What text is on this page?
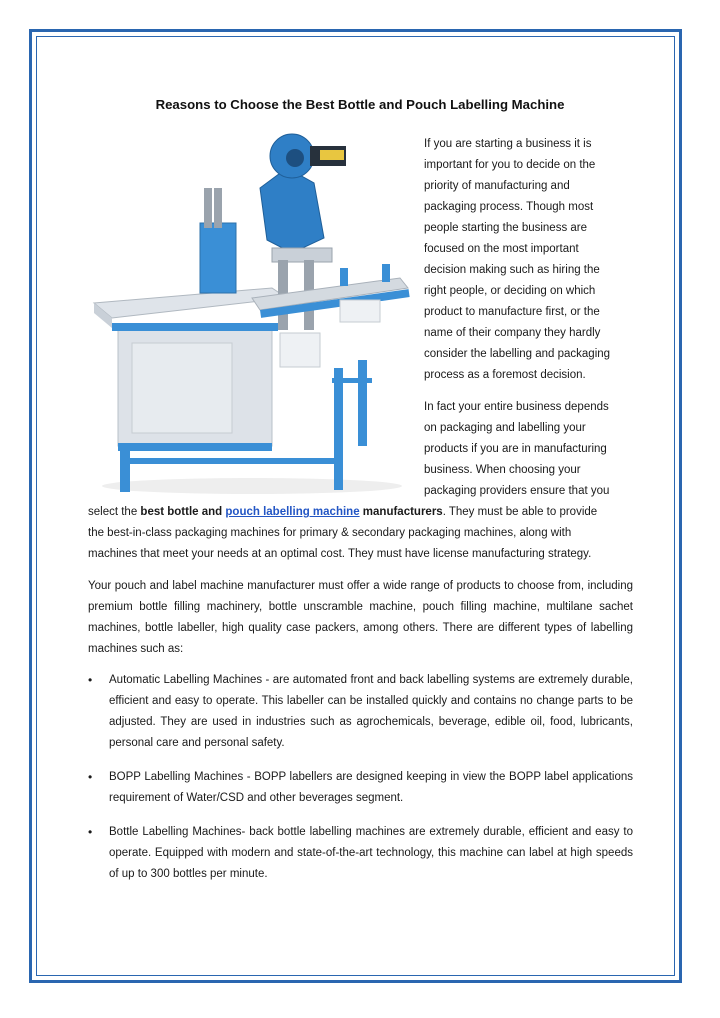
Reasons to Choose the Best Bottle and Pouch Labelling Machine

If you are starting a business it is

important for you to decide on the

priority of manufacturing and

packaging process. Though most

people starting the business are

focused on the most important

decision making such as hiring the

right people, or deciding on which

product to manufacture first, or the

name of their company they hardly

consider the labelling and packaging

process as a foremost decision.

In fact your entire business depends

on packaging and labelling your

products if you are in manufacturing

business. When choosing your

packaging providers ensure that you

select the best bottle and pouch labelling machine manufacturers. They must be able to provide

the best-in-class packaging machines for primary & secondary packaging machines, along with

machines that meet your needs at an optimal cost. They must have license manufacturing strategy.

Your pouch and label machine manufacturer must offer a wide range of products to choose from, including premium bottle filling machinery, bottle unscramble machine, pouch filling machine, multilane sachet machines, bottle labeller, high quality case packers, among others. There are different types of labelling machines such as:

• Automatic Labelling Machines - are automated front and back labelling systems are extremely durable, efficient and easy to operate. This labeller can be installed quickly and contains no change parts to be adjusted. They are used in industries such as agrochemicals, beverage, edible oil, food, lubricants, personal care and personal safety.

• BOPP Labelling Machines - BOPP labellers are designed keeping in view the BOPP label applications requirement of Water/CSD and other beverages segment.

• Bottle Labelling Machines- back bottle labelling machines are extremely durable, efficient and easy to operate. Equipped with modern and state-of-the-art technology, this machine can label at high speeds of up to 300 bottles per minute.
